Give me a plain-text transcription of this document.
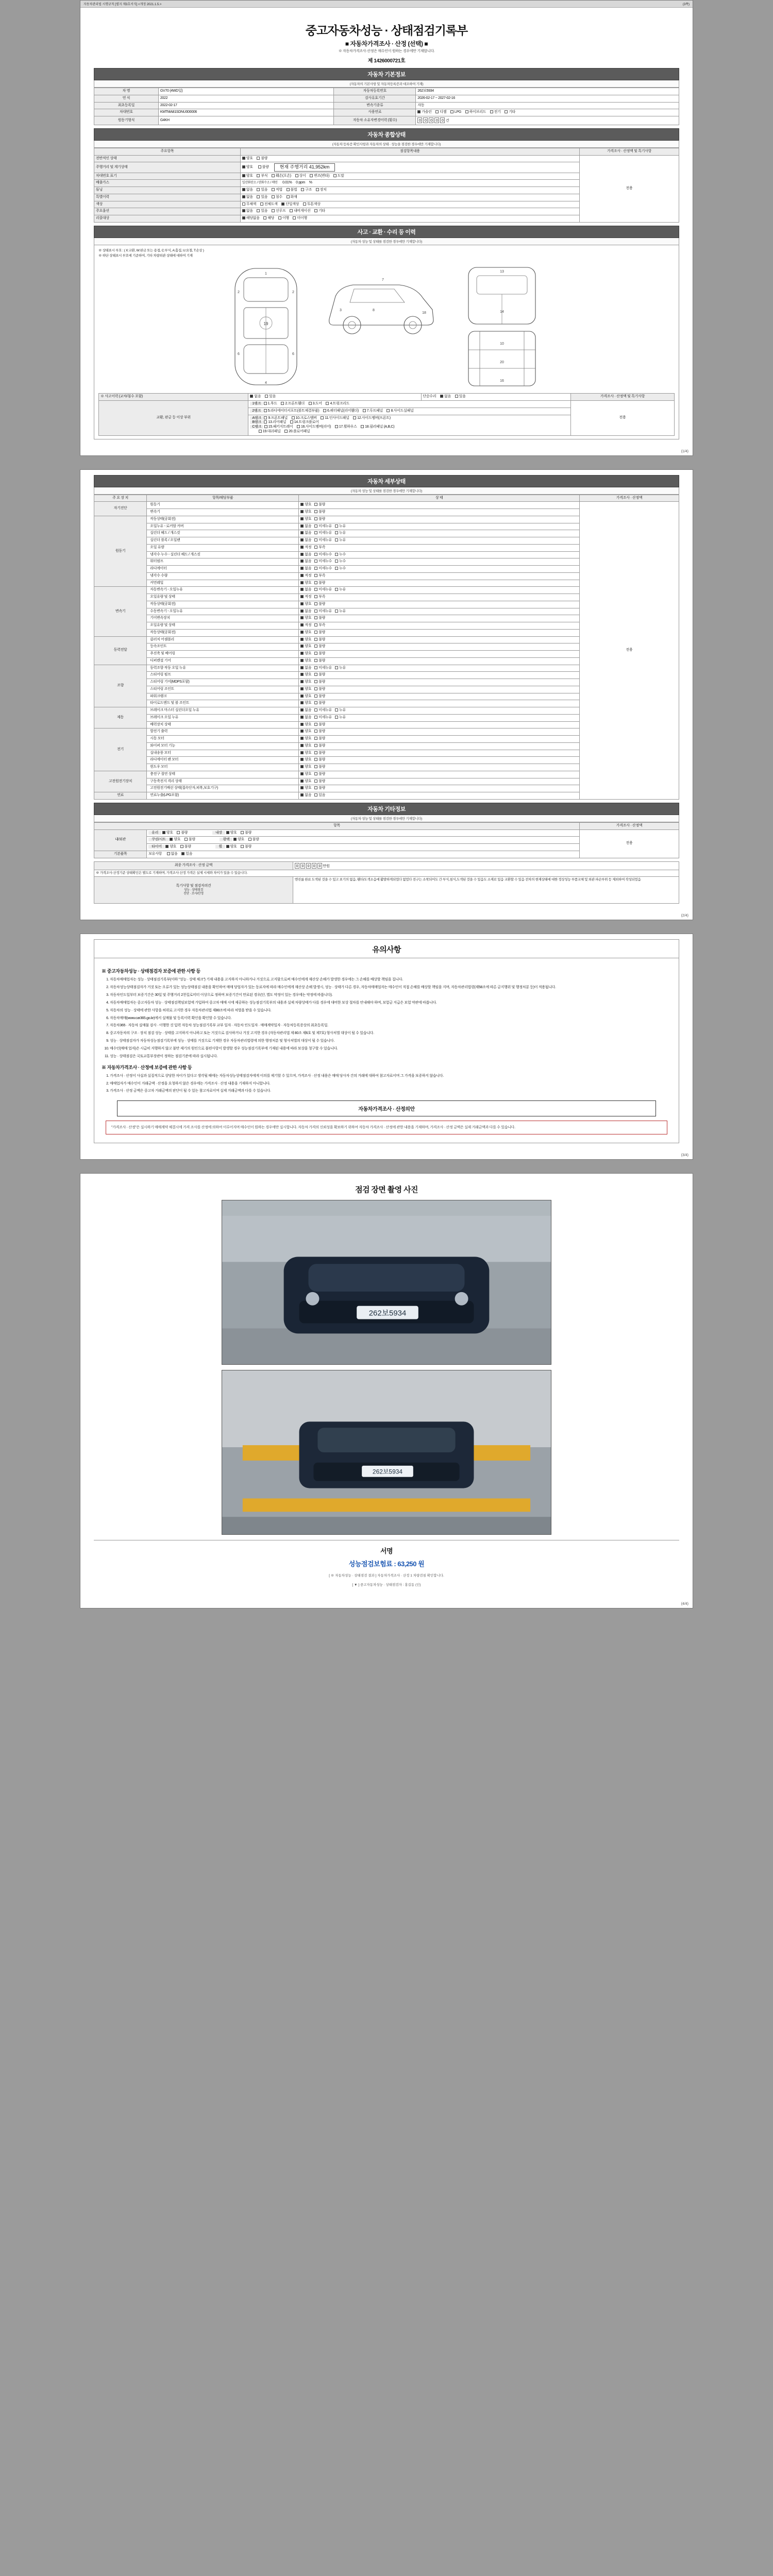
자동차관리법 시행규칙 [별지 제3호서식] <개정 2021.1.5.>	(3쪽)
중고자동차성능 · 상태점검기록부
■ 자동차가격조사 · 산정 (선택) ■
※ 자동차가격조사·산정은 매수인이 원하는 경우에만 기재합니다.
제 1426000721호
자동차 기본정보
(자동차의 기본사항 및 자동차등록증과 대조하여 기재)
차 명	GV70 (4WD일)	자동차등록번호	262보5934
연 식	2022	검사유효기간	2026-02-17 ~ 2027-02-16
최초등록일	2022-02-17	변속기종류	자동
차대번호	KMTMA81SDNU000006	사용연료	가솔린 디젤 LPG 하이브리드 전기 기타
원동기형식	G4KH	자동차 소유자변경이력 (횟수)	0	0	0	0	0 건
자동차 종합상태
(자동차 등록증 확인사항과 자동차의 상태 · 성능을 점검한 경우에만 기재합니다)
주요항목	점검항목내용	가격조사 · 산정액 및 특기사항
전반적인 상태	양호 불량	전용
주행거리 및 계기상태	양호 불량 현재 주행거리 41,952km	

차대번호 표기	양호 부식 훼손(오손) 상이 변조(변타) 도말	
배출가스	일산화탄소 / 탄화수소 / 매연 0.01% 0 ppm %	
튜닝	없음 있음 적법 불법 구조 장치	
특별이력	없음 있음 침수 화재	
색상	무채색 전체도색 단일색상 투톤색상	
주요옵션	없음 있음 선루프 내비게이션 기타	
리콜대상	해당없음 해당 이행 미이행	
사고 · 교환 · 수리 등 이력
(자동차 성능 및 상태를 점검한 경우에만 기재합니다)
※ 상태표시 부호 : ( X:교환, W:판금 또는 용접, C:부식, A:흠집, U:요철, T:손상 )
※ 하단 상태표시 부호에 기준하여, 기타 차량외관 상태에 대하여 기재
19
1
2	2
4
6	6
8
3
18
7
13
14
10
20
16
※ 사고이력 (교차/침수 포함)	없음 있음	단순수리 없음 있음	가격조사 · 산정액 및 특기사항
교환, 판금 등 이상 부위	1랭크 1.후드 2.프론트휀더 3.도어 4.트렁크리드		전용
	2랭크 5.라디에이터서포트(볼트체결부품) 6.쿼터패널(리어휀더) 7.루프패널 8.사이드실패널		

	A랭크 9.프론트패널 10.크로스멤버 11.인사이드패널 12.사이드멤버(프론트)
B랭크 13.리어패널 14.트렁크플로어
C랭크 15.패키지트레이 16.사이드멤버(리어) 17.휠하우스 18.필러패널 (A,B,C)
19.대쉬패널 20.플로어패널		
(1/4)
자동차 세부상태
(자동차 성능 및 상태를 점검한 경우에만 기재합니다)
주 요 장 치	항목/해당부품	상 태	가격조사 · 산정액
자기진단	원동기	양호 불량	전용
	변속기	양호 불량	
원동기	작동상태(공회전)	양호 불량	
	오일누유 - 로커암 커버	없음 미세누유 누유	
	실린더 헤드 / 개스킷	없음 미세누유 누유	
	실린더 블록 / 오일팬	없음 미세누유 누유	
	오일 유량	적정 부족	
	냉각수 누수 - 실린더 헤드 / 개스킷	없음 미세누수 누수	
	워터펌프	없음 미세누수 누수	
	라디에이터	없음 미세누수 누수	
	냉각수 수량	적정 부족	
	커먼레일	양호 불량	
변속기	자동변속기 - 오일누유	없음 미세누유 누유	
	오일유량 및 상태	적정 부족	
	작동상태(공회전)	양호 불량	
	수동변속기 - 오일누유	없음 미세누유 누유	
	기어변속장치	양호 불량	
	오일유량 및 상태	적정 부족	
	작동상태(공회전)	양호 불량	
동력전달	클러치 어셈블리	양호 불량	
	등속조인트	양호 불량	
	추진축 및 베어링	양호 불량	
	디퍼렌셜 기어	양호 불량	
조향	동력조향 작동 오일 누유	없음 미세누유 누유	
	스티어링 펌프	양호 불량	
	스티어링 기어(MDPS포함)	양호 불량	
	스티어링 조인트	양호 불량	
	파워크랭크	양호 불량	
	타이로드엔드 및 볼 조인트	양호 불량	
제동	브레이크 마스터 실린더오일 누유	없음 미세누유 누유	
	브레이크 오일 누유	없음 미세누유 누유	
	배력장치 상태	양호 불량	
전기	발전기 출력	양호 불량	
	시동 모터	양호 불량	
	와이퍼 모터 기능	양호 불량	
	실내송풍 모터	양호 불량	
	라디에이터 팬 모터	양호 불량	
	윈도우 모터	양호 불량	
고전원전기장치	충전구 절연 상태	양호 불량	
	구동축전지 격리 상태	양호 불량	
	고전원전기배선 상태(접속단자,피복,보호기구)	양호 불량	
연료	연료누출(LPG포함)	없음 있음	
자동차 기타정보
(자동차 성능 및 상태를 점검한 경우에만 기재합니다)
항목		가격조사 · 산정액
내/외관	유리 양호 불량 내장 양호 불량	전용
	쿠션/시트 양호 불량 광택 양호 불량	
	타이어 양호 불량 휠 양호 불량	
기본품목	보유사항 없음 있음	
최종 가격조사 · 산정 금액	0	0	0	0	0 만원
※ 가격조사·산정기준 상태확인은 별도로 기재하며, 가격조사·산정 가격은 실제 시세와 차이가 있을 수 있습니다.	

특기사항 및 점검자의견
성능 · 상태점검
진단 · 조사/산정	엔진룸 완료 도색된 것을 수 있고 표기의 없음, 휀더/도색소음에 활발하게되었다 없었다 전구는 소착되어도 간 부식,침식,도색된 것을 수 있음도 소재로 있음 교환할 수 있음 전차의 현재상태에 대한 정상성능 부품교체 및 외관 파손부위 등 제외하여 작성되었음
(2/4)
유의사항
※ 중고자동차성능 · 상태점검자 보증에 관한 사항 등
1. 자동차매매업자는 성능 · 상태점검기록부(이하 "성능 · 상태 체크") 기재 내용을 고지하지 아니하거나 거짓으로 고지함으로써 매수인에게 재산상 손해가 발생한 경우에는 그 손해를 배상할 책임을 집니다.
2. 자동차성능상태점검자가 거짓 또는 오류가 있는 성능상태점검 내용을 확인하여 매매 당업자가 있는 동료자에 따라 매수인에게 재산상 손해 발생시, 성능 · 상태가 다른 경우, 자동차매매업자는 매수인이 직접 손해를 배상할 책임을 지며, 자동차관리법령(제58조에 따른 금지행위 및 행정처분 등)이 적용됩니다.
3. 자동차인도일부터 보증기간은 30일 및 주행거리 2천킬로미터 이상으로 정하며 보증기간이 만료된 경우(단, 별도 약정이 있는 경우에는 약정에 따릅니다).
4. 자동차매매업자는 중고자동차 성능 · 상태점검책임보험에 가입하여 중고차 매매 시에 제공하는 성능점검기록부의 내용과 실제 차량상태가 다를 경우에 대비한 보상 절차를 안내해야 하며, 보험금 지급은 보험 약관에 따릅니다.
5. 자동차의 성능 · 상태에 관한 사항을 허위로 고지한 경우 자동차관리법 제80조에 따라 처벌을 받을 수 있습니다.
6. 자동차매매(www.car365.go.kr)에서 실매물 및 등록이력 확인을 확인할 수 있습니다.
7. 자동차365 · 자동차 실매물 검사 · 이행한 것 입력 자동차 성능점검기록부 교부 일자 · 자동차 인도일자 · 매매계약일자 · 자동차등록증상의 최초등록일.
8. 중고자동차의 구조 · 장치 점검 성능 · 상태를 고지하지 아니하고 또는 거짓으로 검사하거나 거짓 고지한 경우 (자동차관리법 제 80조 제6호 및 제7호) 형사처벌 대상이 될 수 있습니다.
9. 성능 · 상태점검자가 자동차성능점검기록부에 성능 · 상태를 거짓으로 기재한 경우 자동차관리법령에 의한 행정처분 및 형사처벌의 대상이 될 수 있습니다.
10. 매수인(매매 업자)은 시급히 지행하지 않고 불만 제기의 원인으로 불편사항이 발생할 경우 성능점검기록부에 기재된 내용에 따라 보상을 청구할 수 있습니다.
11. 성능 · 상태점검은 국토교통부장관이 정하는 점검기준에 따라 실시됩니다.
※ 자동차가격조사 · 산정에 보증에 관한 사항 등
1. 가격조사 · 산정이 사실과 실질적으로 상당한 차이가 있다고 생각될 때에는 자동차성능상태점검자에게 이의를 제기할 수 있으며, 가격조사 · 산정 내용은 매매 당사자 간의 거래에 대하여 참고자료이며 그 가격을 보증하지 않습니다.
2. 매매업자가 매수인이 거래금액 · 산정을 요청하지 않은 경우에는 가격조사 · 산정 내용을 기재하지 아니합니다.
3. 가격조사 · 산정 금액은 중고차 거래금액의 판단이 될 수 있는 참고자료이며 실제 거래금액과 다를 수 있습니다.
자동차가격조사 · 산정의안
"가격조사 · 산정"은 실시하기 매매계약 체결시에 가격 조사를 산정에 의하여 이루어지며 매수인이 원하는 경우에만 실시합니다. 자동차 가격의 신뢰성을 확보하기 위하여 자동차 가격조사 · 산정에 관한 내용을 기재하며, 가격조사 · 산정 금액은 실제 거래금액과 다를 수 있습니다.
(3/4)
점검 장면 촬영 사진
262보5934
262보5934
서명
성능점검보험료 : 63,250 원
[ ※ 자동차성능 · 상태점검 결과 ] 자동차가격조사 · 산정 1 차량검침 확인합니다.
[ ▼ ] 중고자동차성능 · 상태점검자 : 홍길동 (인)
(4/4)
